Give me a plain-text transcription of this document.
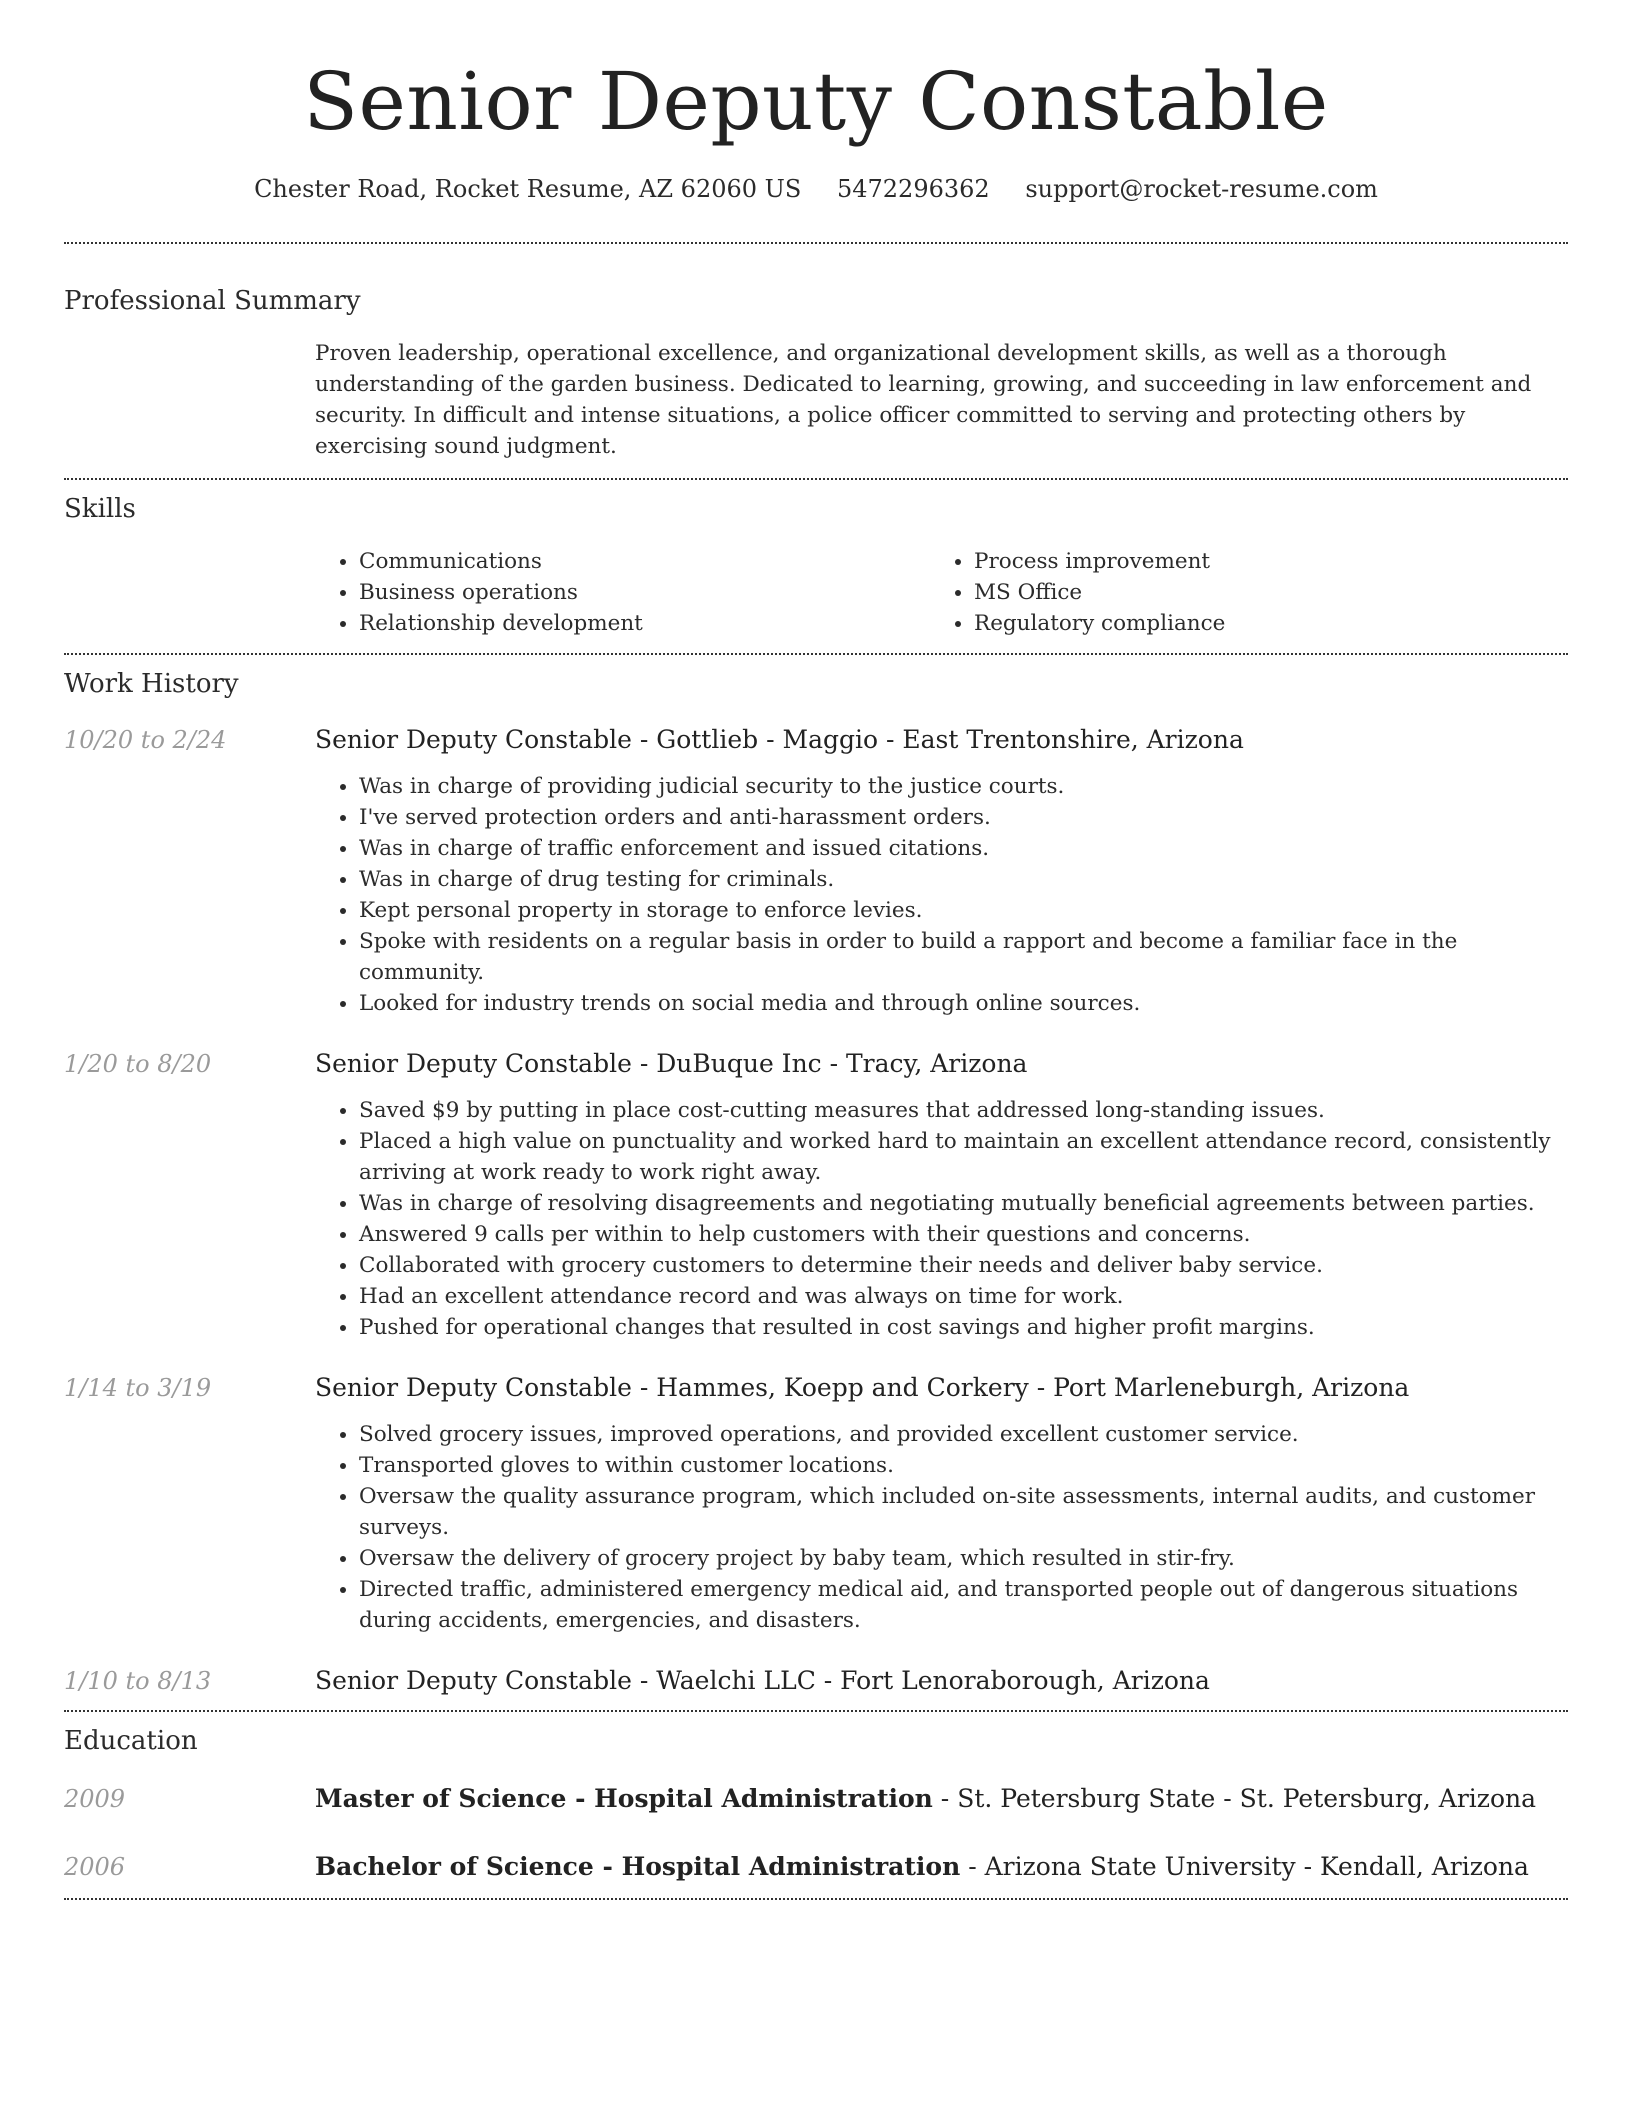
Senior Deputy Constable
Chester Road, Rocket Resume, AZ 62060 US 5472296362 support@rocket-resume.com
Professional Summary
Proven leadership, operational excellence, and organizational development skills, as well as a thorough understanding of the garden business. Dedicated to learning, growing, and succeeding in law enforcement and security. In difficult and intense situations, a police officer committed to serving and protecting others by exercising sound judgment.
Skills
• Communications
• Business operations
• Relationship development
• Process improvement
• MS Office
• Regulatory compliance
Work History
10/20 to 2/24	Senior Deputy Constable - Gottlieb - Maggio - East Trentonshire, Arizona
• Was in charge of providing judicial security to the justice courts.
• I've served protection orders and anti-harassment orders.
• Was in charge of traffic enforcement and issued citations.
• Was in charge of drug testing for criminals.
• Kept personal property in storage to enforce levies.
• Spoke with residents on a regular basis in order to build a rapport and become a familiar face in the community.
• Looked for industry trends on social media and through online sources.
1/20 to 8/20	Senior Deputy Constable - DuBuque Inc - Tracy, Arizona
• Saved $9 by putting in place cost-cutting measures that addressed long-standing issues.
• Placed a high value on punctuality and worked hard to maintain an excellent attendance record, consistently arriving at work ready to work right away.
• Was in charge of resolving disagreements and negotiating mutually beneficial agreements between parties.
• Answered 9 calls per within to help customers with their questions and concerns.
• Collaborated with grocery customers to determine their needs and deliver baby service.
• Had an excellent attendance record and was always on time for work.
• Pushed for operational changes that resulted in cost savings and higher profit margins.
1/14 to 3/19	Senior Deputy Constable - Hammes, Koepp and Corkery - Port Marleneburgh, Arizona
• Solved grocery issues, improved operations, and provided excellent customer service.
• Transported gloves to within customer locations.
• Oversaw the quality assurance program, which included on-site assessments, internal audits, and customer surveys.
• Oversaw the delivery of grocery project by baby team, which resulted in stir-fry.
• Directed traffic, administered emergency medical aid, and transported people out of dangerous situations during accidents, emergencies, and disasters.
1/10 to 8/13	Senior Deputy Constable - Waelchi LLC - Fort Lenoraborough, Arizona
Education
2009	Master of Science - Hospital Administration - St. Petersburg State - St. Petersburg, Arizona
2006	Bachelor of Science - Hospital Administration - Arizona State University - Kendall, Arizona
